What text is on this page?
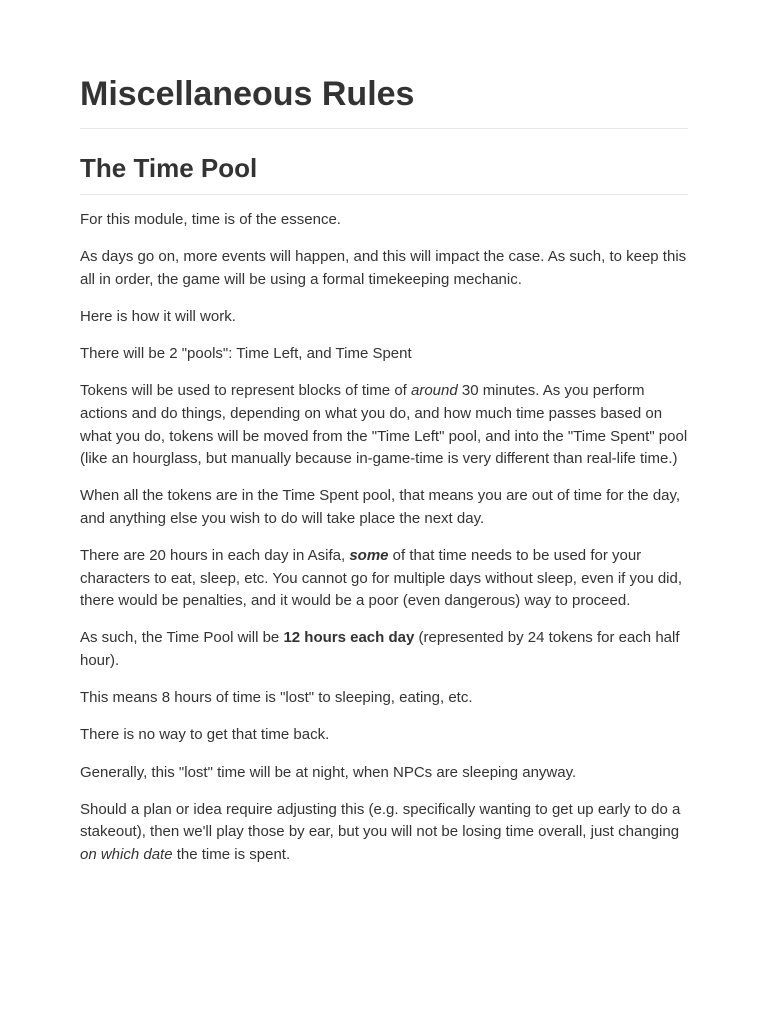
Miscellaneous Rules
The Time Pool

For this module, time is of the essence.

As days go on, more events will happen, and this will impact the case. As such, to keep this all in order, the game will be using a formal timekeeping mechanic.

Here is how it will work.

There will be 2 "pools": Time Left, and Time Spent

Tokens will be used to represent blocks of time of around 30 minutes. As you perform actions and do things, depending on what you do, and how much time passes based on what you do, tokens will be moved from the "Time Left" pool, and into the "Time Spent" pool (like an hourglass, but manually because in-game-time is very different than real-life time.)

When all the tokens are in the Time Spent pool, that means you are out of time for the day, and anything else you wish to do will take place the next day.

There are 20 hours in each day in Asifa, some of that time needs to be used for your characters to eat, sleep, etc. You cannot go for multiple days without sleep, even if you did, there would be penalties, and it would be a poor (even dangerous) way to proceed.

As such, the Time Pool will be 12 hours each day (represented by 24 tokens for each half hour).

This means 8 hours of time is "lost" to sleeping, eating, etc.

There is no way to get that time back.

Generally, this "lost" time will be at night, when NPCs are sleeping anyway.

Should a plan or idea require adjusting this (e.g. specifically wanting to get up early to do a stakeout), then we'll play those by ear, but you will not be losing time overall, just changing on which date the time is spent.
